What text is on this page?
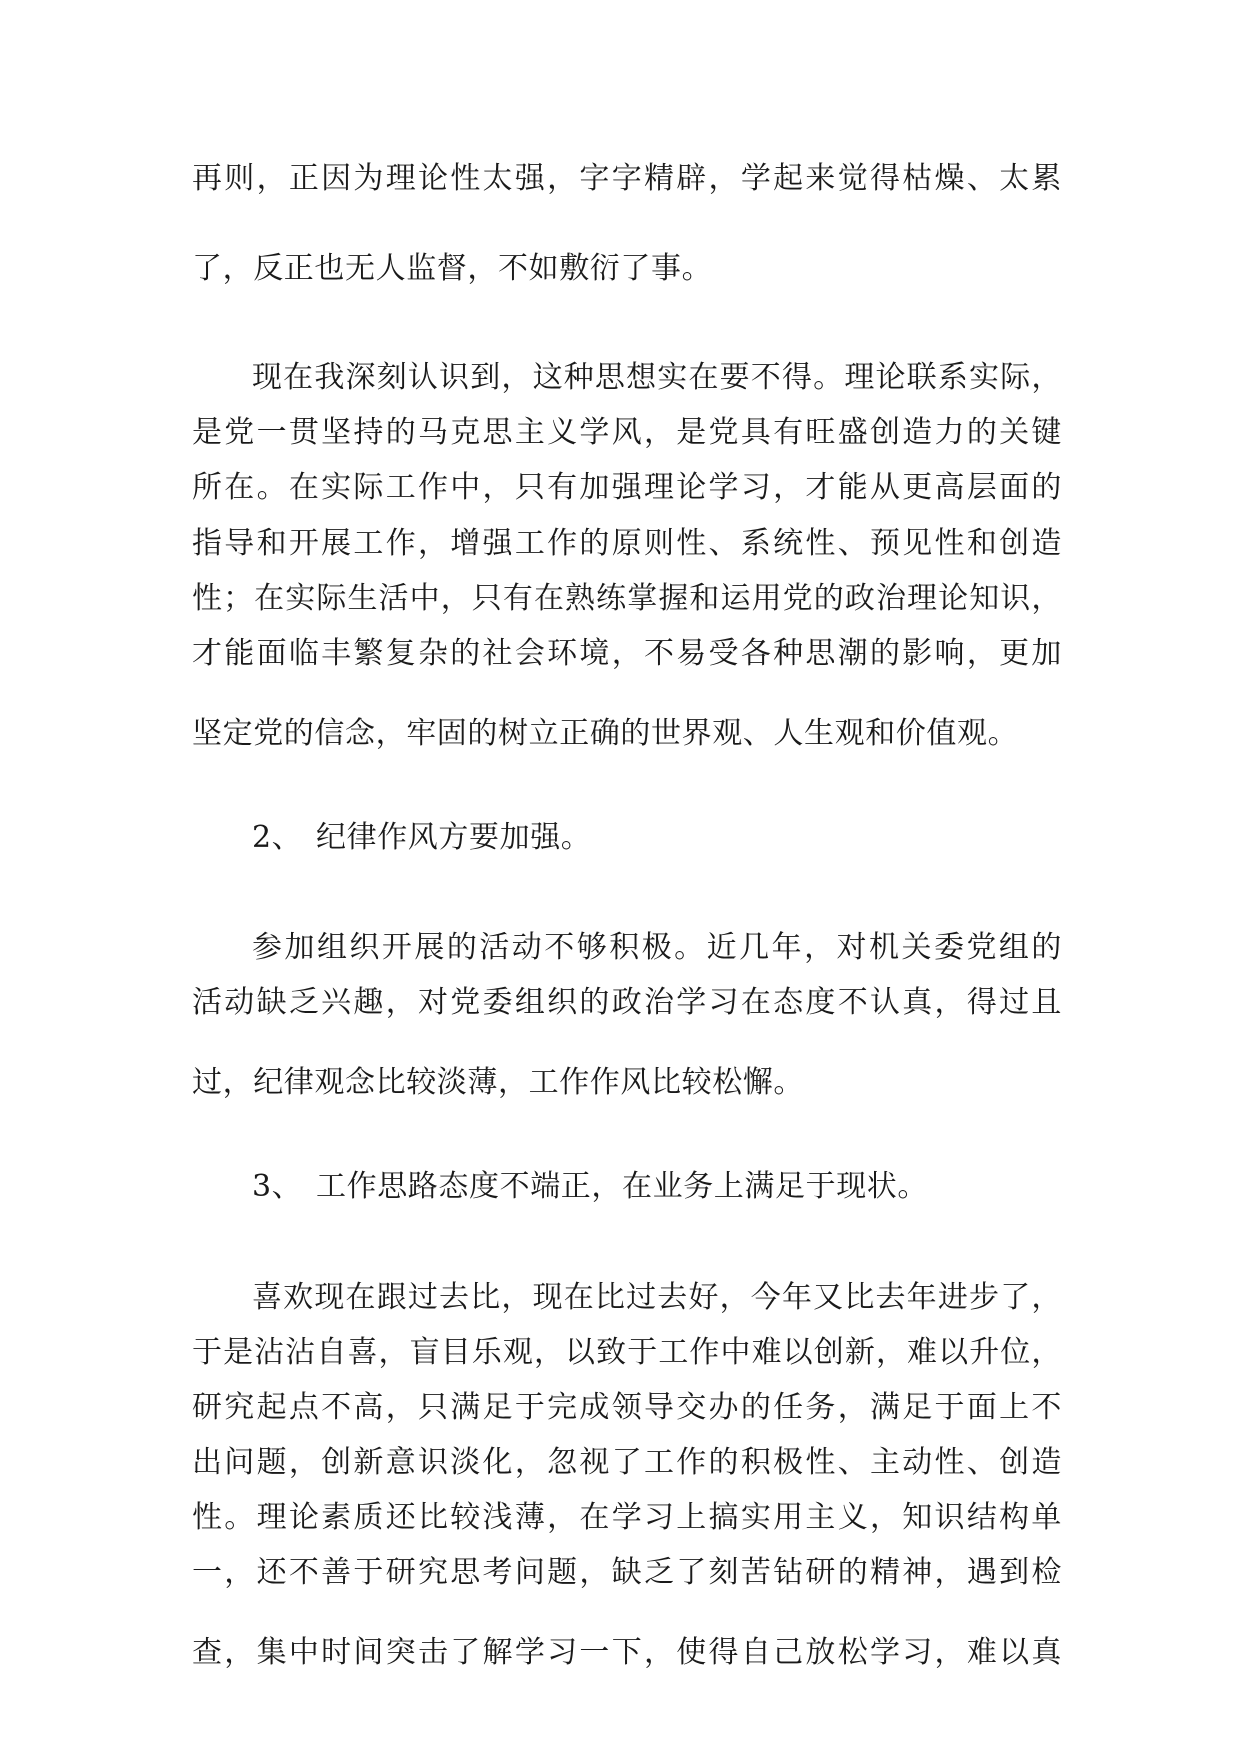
再则，正因为理论性太强，字字精辟，学起来觉得枯燥、太累
了，反正也无人监督，不如敷衍了事。
现在我深刻认识到，这种思想实在要不得。理论联系实际，
是党一贯坚持的马克思主义学风，是党具有旺盛创造力的关键
所在。在实际工作中，只有加强理论学习，才能从更高层面的
指导和开展工作，增强工作的原则性、系统性、预见性和创造
性；在实际生活中，只有在熟练掌握和运用党的政治理论知识，
才能面临丰繁复杂的社会环境，不易受各种思潮的影响，更加
坚定党的信念，牢固的树立正确的世界观、人生观和价值观。
2、 纪律作风方要加强。
参加组织开展的活动不够积极。近几年，对机关委党组的
活动缺乏兴趣，对党委组织的政治学习在态度不认真，得过且
过，纪律观念比较淡薄，工作作风比较松懈。
3、 工作思路态度不端正，在业务上满足于现状。
喜欢现在跟过去比，现在比过去好，今年又比去年进步了，
于是沾沾自喜，盲目乐观，以致于工作中难以创新，难以升位，
研究起点不高，只满足于完成领导交办的任务，满足于面上不
出问题，创新意识淡化，忽视了工作的积极性、主动性、创造
性。理论素质还比较浅薄，在学习上搞实用主义，知识结构单
一，还不善于研究思考问题，缺乏了刻苦钻研的精神，遇到检
查，集中时间突击了解学习一下，使得自己放松学习，难以真
